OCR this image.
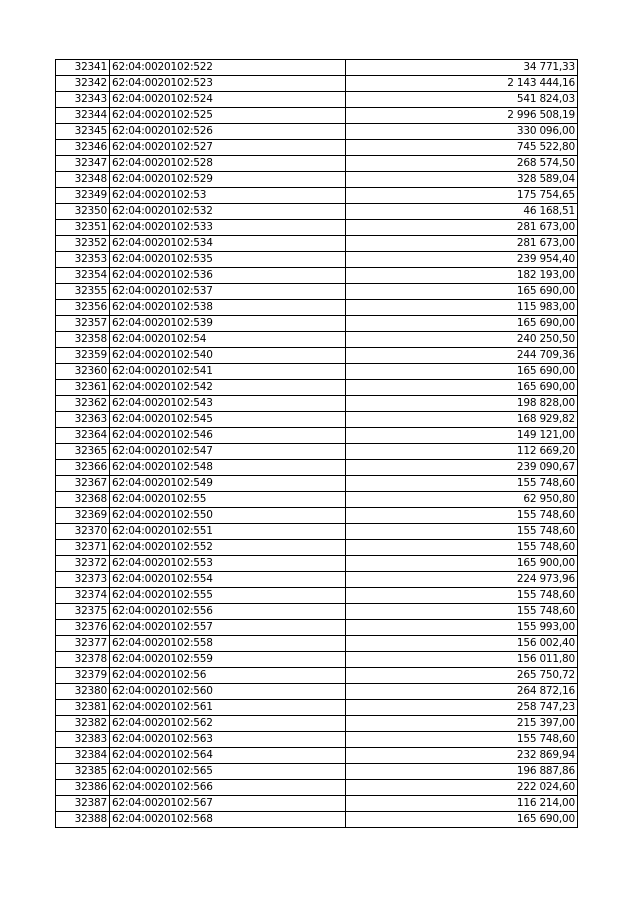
32341	62:04:0020102:522	34 771,33
32342	62:04:0020102:523	2 143 444,16
32343	62:04:0020102:524	541 824,03
32344	62:04:0020102:525	2 996 508,19
32345	62:04:0020102:526	330 096,00
32346	62:04:0020102:527	745 522,80
32347	62:04:0020102:528	268 574,50
32348	62:04:0020102:529	328 589,04
32349	62:04:0020102:53	175 754,65
32350	62:04:0020102:532	46 168,51
32351	62:04:0020102:533	281 673,00
32352	62:04:0020102:534	281 673,00
32353	62:04:0020102:535	239 954,40
32354	62:04:0020102:536	182 193,00
32355	62:04:0020102:537	165 690,00
32356	62:04:0020102:538	115 983,00
32357	62:04:0020102:539	165 690,00
32358	62:04:0020102:54	240 250,50
32359	62:04:0020102:540	244 709,36
32360	62:04:0020102:541	165 690,00
32361	62:04:0020102:542	165 690,00
32362	62:04:0020102:543	198 828,00
32363	62:04:0020102:545	168 929,82
32364	62:04:0020102:546	149 121,00
32365	62:04:0020102:547	112 669,20
32366	62:04:0020102:548	239 090,67
32367	62:04:0020102:549	155 748,60
32368	62:04:0020102:55	62 950,80
32369	62:04:0020102:550	155 748,60
32370	62:04:0020102:551	155 748,60
32371	62:04:0020102:552	155 748,60
32372	62:04:0020102:553	165 900,00
32373	62:04:0020102:554	224 973,96
32374	62:04:0020102:555	155 748,60
32375	62:04:0020102:556	155 748,60
32376	62:04:0020102:557	155 993,00
32377	62:04:0020102:558	156 002,40
32378	62:04:0020102:559	156 011,80
32379	62:04:0020102:56	265 750,72
32380	62:04:0020102:560	264 872,16
32381	62:04:0020102:561	258 747,23
32382	62:04:0020102:562	215 397,00
32383	62:04:0020102:563	155 748,60
32384	62:04:0020102:564	232 869,94
32385	62:04:0020102:565	196 887,86
32386	62:04:0020102:566	222 024,60
32387	62:04:0020102:567	116 214,00
32388	62:04:0020102:568	165 690,00
